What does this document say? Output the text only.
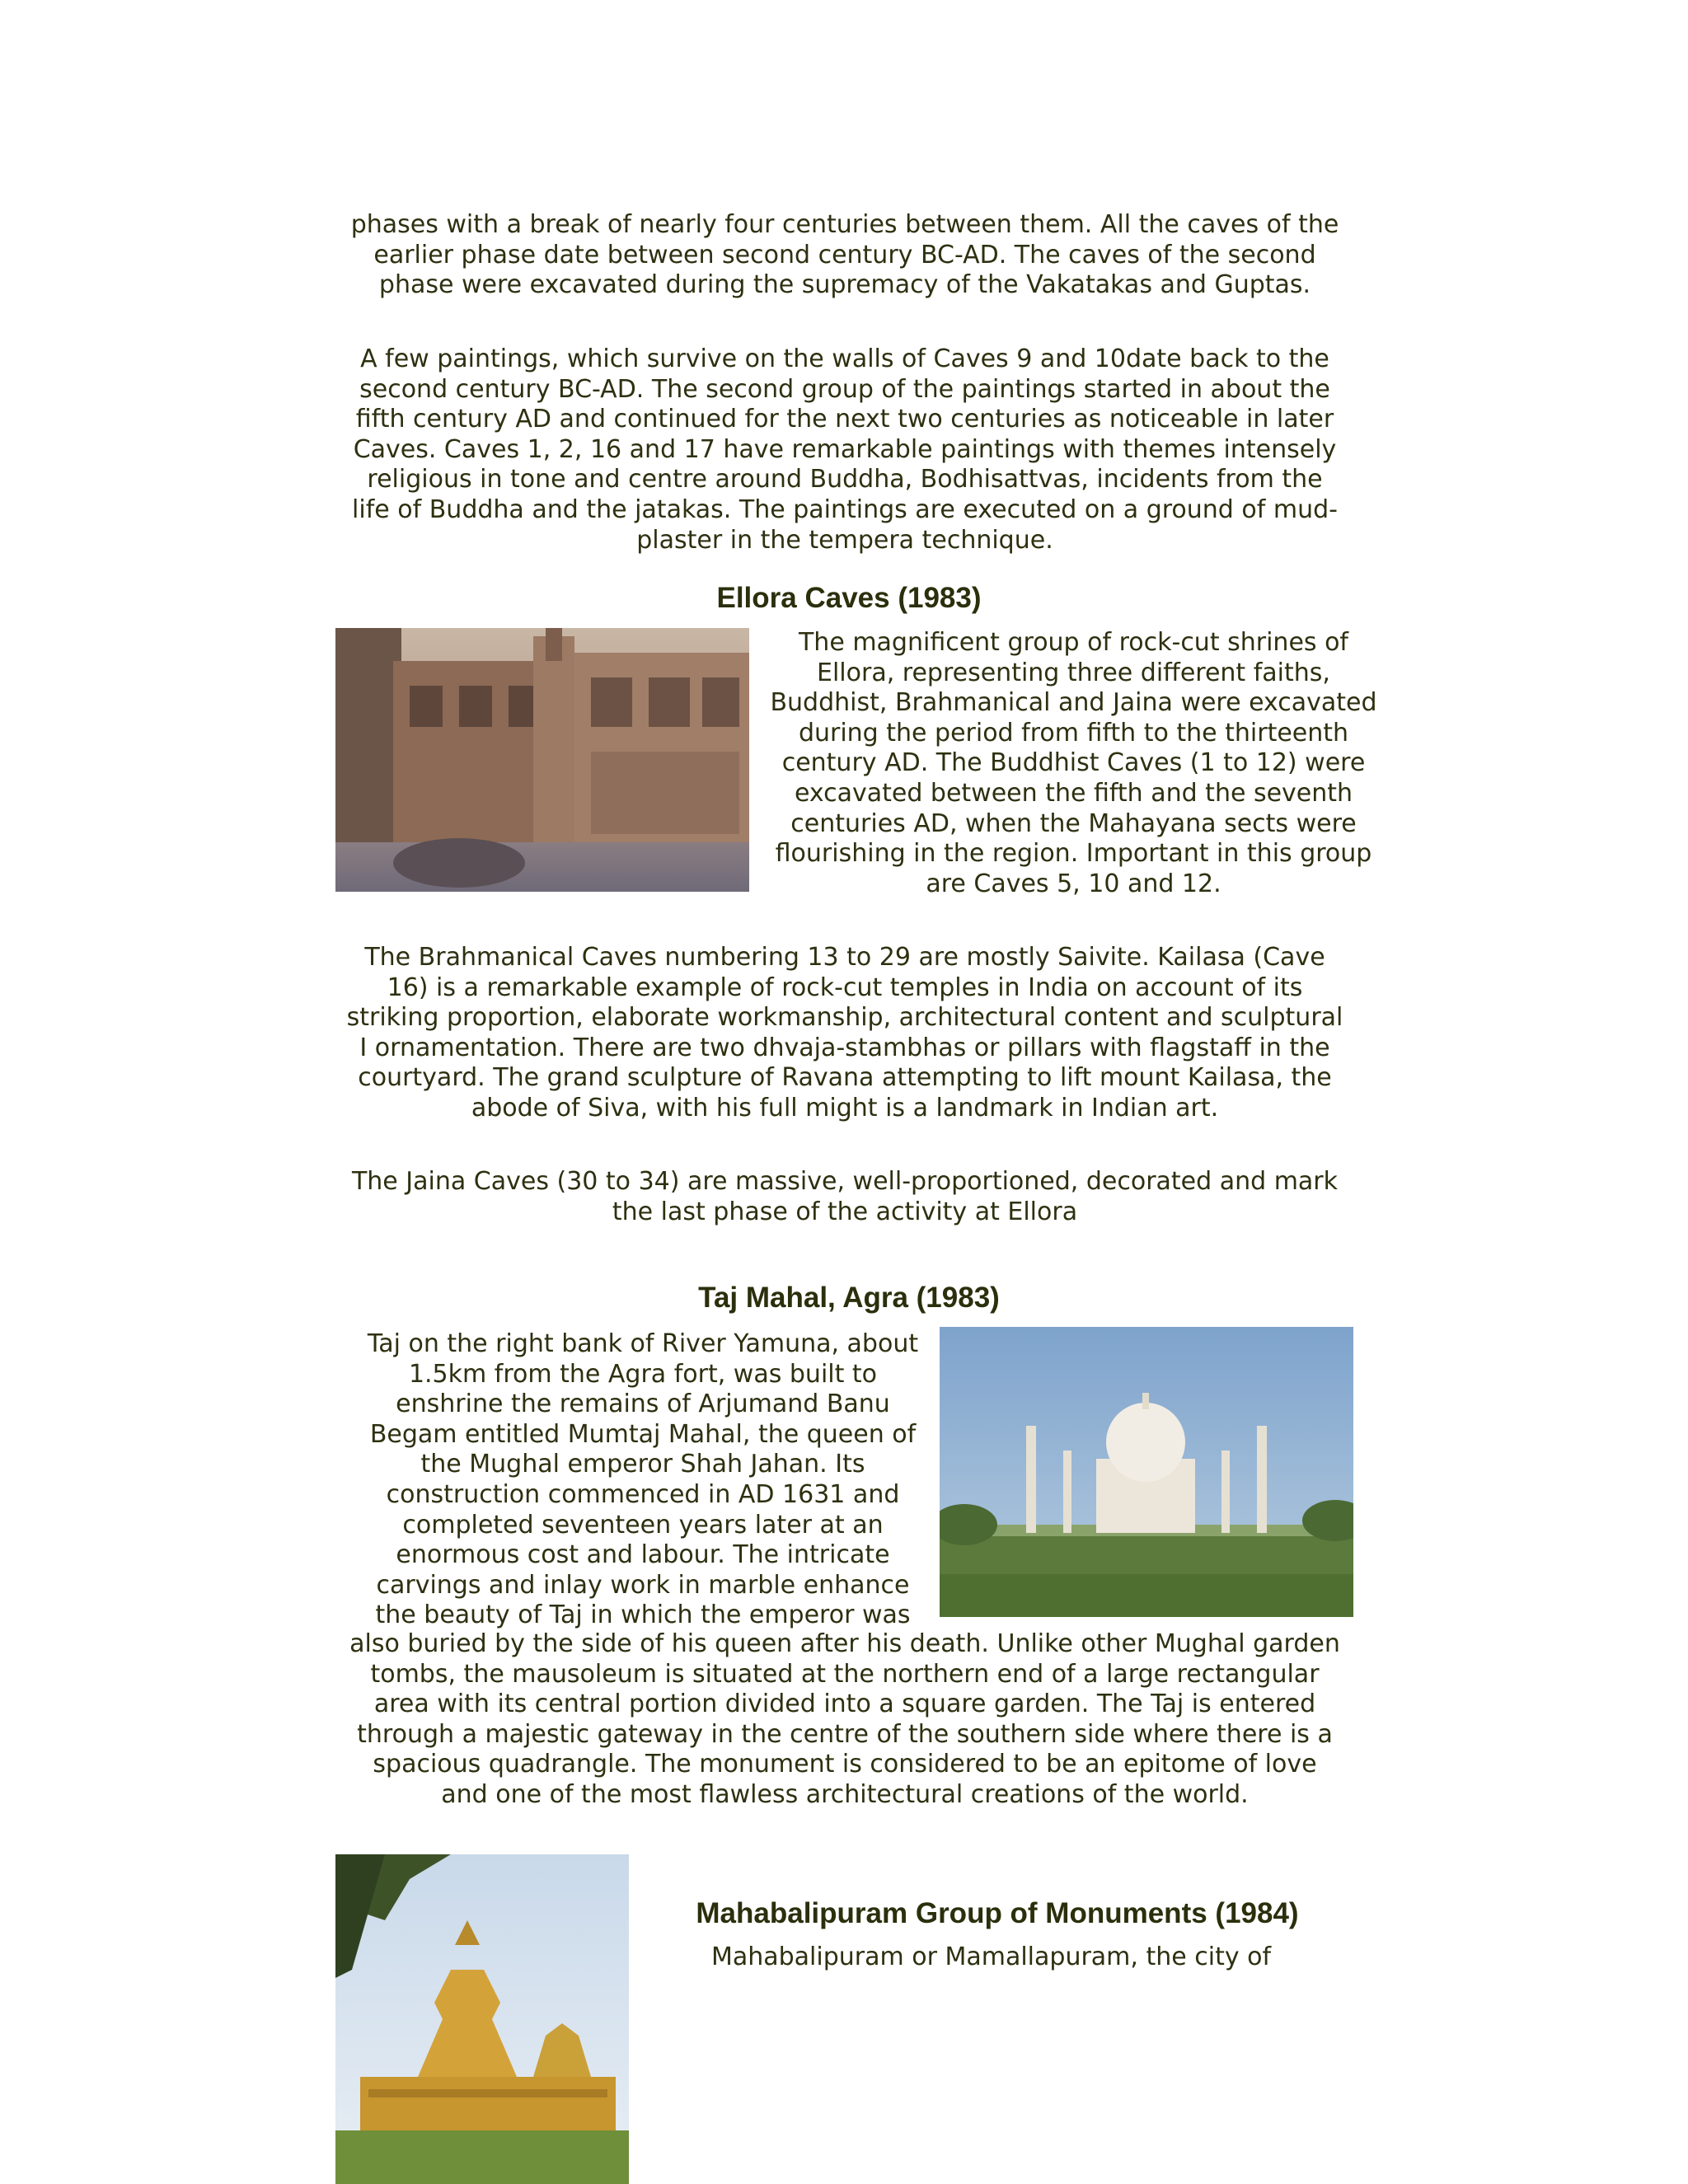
phases with a break of nearly four centuries between them. All the caves of the earlier phase date between second century BC-AD. The caves of the second phase were excavated during the supremacy of the Vakatakas and Guptas.

A few paintings, which survive on the walls of Caves 9 and 10date back to the second century BC-AD. The second group of the paintings started in about the fifth century AD and continued for the next two centuries as noticeable in later Caves. Caves 1, 2, 16 and 17 have remarkable paintings with themes intensely religious in tone and centre around Buddha, Bodhisattvas, incidents from the life of Buddha and the jatakas. The paintings are executed on a ground of mud-plaster in the tempera technique.

Ellora Caves (1983)

The magnificent group of rock-cut shrines of Ellora, representing three different faiths, Buddhist, Brahmanical and Jaina were excavated during the period from fifth to the thirteenth century AD. The Buddhist Caves (1 to 12) were excavated between the fifth and the seventh centuries AD, when the Mahayana sects were flourishing in the region. Important in this group are Caves 5, 10 and 12.

The Brahmanical Caves numbering 13 to 29 are mostly Saivite. Kailasa (Cave 16) is a remarkable example of rock-cut temples in India on account of its striking proportion, elaborate workmanship, architectural content and sculptural I ornamentation. There are two dhvaja-stambhas or pillars with flagstaff in the courtyard. The grand sculpture of Ravana attempting to lift mount Kailasa, the abode of Siva, with his full might is a landmark in Indian art.

The Jaina Caves (30 to 34) are massive, well-proportioned, decorated and mark the last phase of the activity at Ellora

Taj Mahal, Agra (1983)

Taj on the right bank of River Yamuna, about 1.5km from the Agra fort, was built to enshrine the remains of Arjumand Banu Begam entitled Mumtaj Mahal, the queen of the Mughal emperor Shah Jahan. Its construction commenced in AD 1631 and completed seventeen years later at an enormous cost and labour. The intricate carvings and inlay work in marble enhance the beauty of Taj in which the emperor was

also buried by the side of his queen after his death. Unlike other Mughal garden tombs, the mausoleum is situated at the northern end of a large rectangular area with its central portion divided into a square garden. The Taj is entered through a majestic gateway in the centre of the southern side where there is a spacious quadrangle. The monument is considered to be an epitome of love and one of the most flawless architectural creations of the world.

Mahabalipuram Group of Monuments (1984)

Mahabalipuram or Mamallapuram, the city of
